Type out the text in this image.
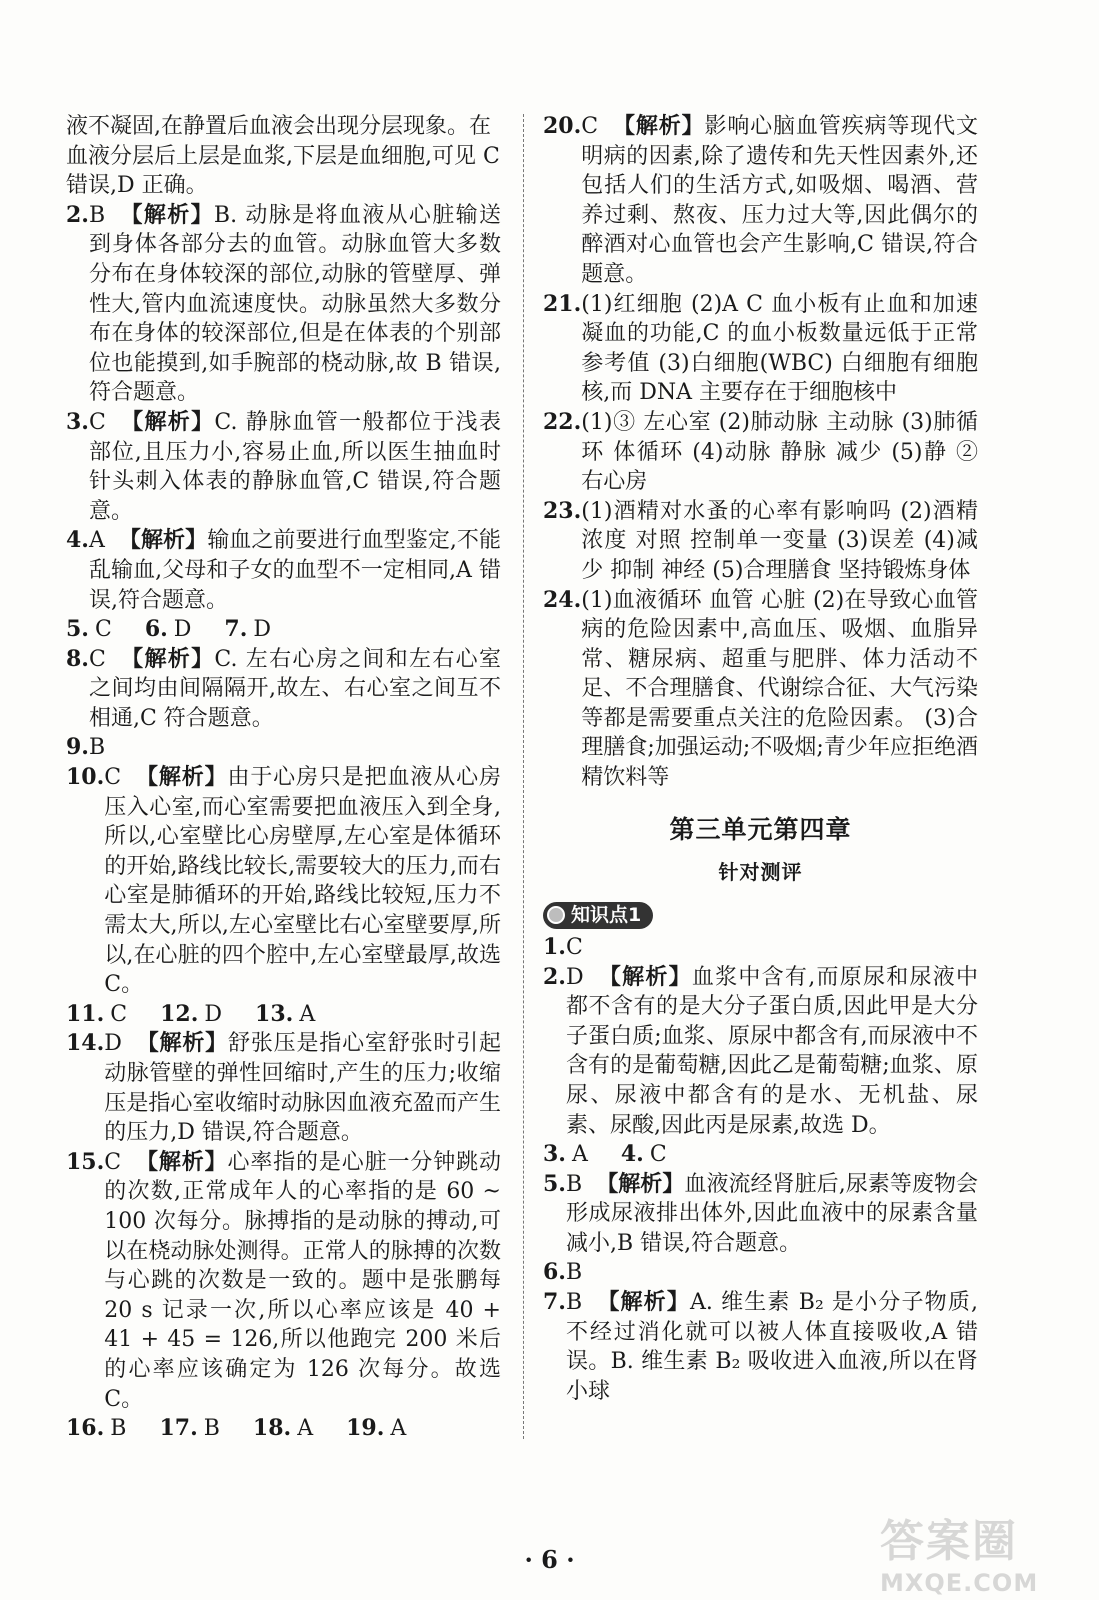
液不凝固,在静置后血液会出现分层现象。在血液分层后上层是血浆,下层是血细胞,可见 C 错误,D 正确。

2. B 【解析】B. 动脉是将血液从心脏输送到身体各部分去的血管。动脉血管大多数分布在身体较深的部位,动脉的管壁厚、弹性大,管内血流速度快。动脉虽然大多数分布在身体的较深部位,但是在体表的个别部位也能摸到,如手腕部的桡动脉,故 B 错误,符合题意。
3. C 【解析】C. 静脉血管一般都位于浅表部位,且压力小,容易止血,所以医生抽血时针头刺入体表的静脉血管,C 错误,符合题意。
4. A 【解析】输血之前要进行血型鉴定,不能乱输血,父母和子女的血型不一定相同,A 错误,符合题意。

5. C 6. D 7. D

8. C 【解析】C. 左右心房之间和左右心室之间均由间隔隔开,故左、右心室之间互不相通,C 符合题意。
9. B
10. C 【解析】由于心房只是把血液从心房压入心室,而心室需要把血液压入到全身,所以,心室壁比心房壁厚,左心室是体循环的开始,路线比较长,需要较大的压力,而右心室是肺循环的开始,路线比较短,压力不需太大,所以,左心室壁比右心室壁要厚,所以,在心脏的四个腔中,左心室壁最厚,故选 C。

11. C 12. D 13. A

14. D 【解析】舒张压是指心室舒张时引起动脉管壁的弹性回缩时,产生的压力;收缩压是指心室收缩时动脉因血液充盈而产生的压力,D 错误,符合题意。
15. C 【解析】心率指的是心脏一分钟跳动的次数,正常成年人的心率指的是 60 ~ 100 次每分。脉搏指的是动脉的搏动,可以在桡动脉处测得。正常人的脉搏的次数与心跳的次数是一致的。题中是张鹏每 20 s 记录一次,所以心率应该是 40 + 41 + 45 = 126,所以他跑完 200 米后的心率应该确定为 126 次每分。故选 C。

16. B 17. B 18. A 19. A

20. C 【解析】影响心脑血管疾病等现代文明病的因素,除了遗传和先天性因素外,还包括人们的生活方式,如吸烟、喝酒、营养过剩、熬夜、压力过大等,因此偶尔的醉酒对心血管也会产生影响,C 错误,符合题意。
21. (1)红细胞 (2)A C 血小板有止血和加速凝血的功能,C 的血小板数量远低于正常参考值 (3)白细胞(WBC) 白细胞有细胞核,而 DNA 主要存在于细胞核中
22. (1)③ 左心室 (2)肺动脉 主动脉 (3)肺循环 体循环 (4)动脉 静脉 减少 (5)静 ② 右心房
23. (1)酒精对水蚤的心率有影响吗 (2)酒精浓度 对照 控制单一变量 (3)误差 (4)减少 抑制 神经 (5)合理膳食 坚持锻炼身体
24. (1)血液循环 血管 心脏 (2)在导致心血管病的危险因素中,高血压、吸烟、血脂异常、糖尿病、超重与肥胖、体力活动不足、不合理膳食、代谢综合征、大气污染等都是需要重点关注的危险因素。 (3)合理膳食;加强运动;不吸烟;青少年应拒绝酒精饮料等
第三单元第四章
针对测评
知识点1
1. C
2. D 【解析】血浆中含有,而原尿和尿液中都不含有的是大分子蛋白质,因此甲是大分子蛋白质;血浆、原尿中都含有,而尿液中不含有的是葡萄糖,因此乙是葡萄糖;血浆、原尿、尿液中都含有的是水、无机盐、尿素、尿酸,因此丙是尿素,故选 D。

3. A 4. C

5. B 【解析】血液流经肾脏后,尿素等废物会形成尿液排出体外,因此血液中的尿素含量减小,B 错误,符合题意。
6. B
7. B 【解析】A. 维生素 B₂ 是小分子物质,不经过消化就可以被人体直接吸收,A 错误。B. 维生素 B₂ 吸收进入血液,所以在肾小球
· 6 ·	答案圈
MXQE.COM
